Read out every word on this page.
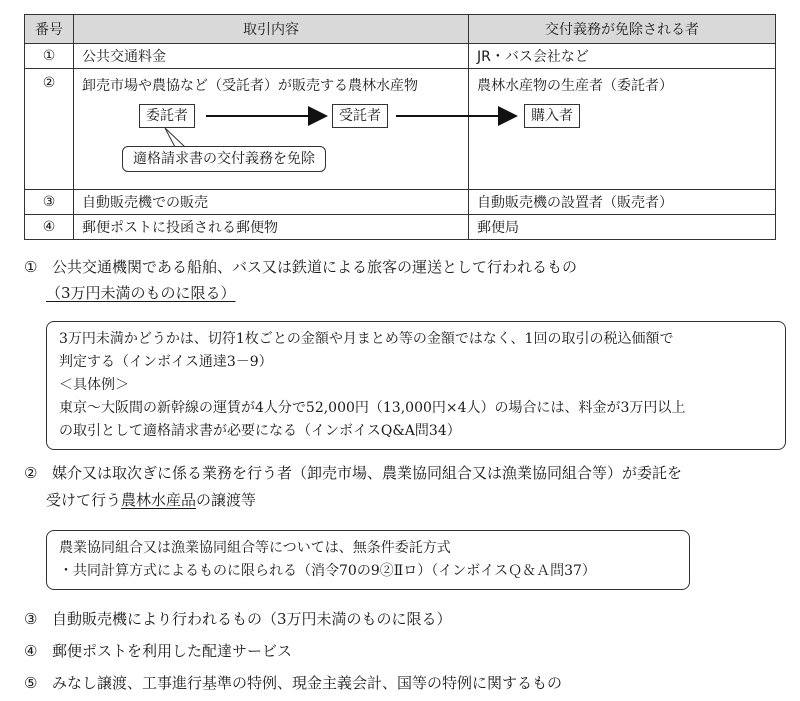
番号	取引内容	交付義務が免除される者
①	公共交通料金	JR・バス会社など
②	卸売市場や農協など（受託者）が販売する農林水産物	農林水産物の生産者（委託者）
③	自動販売機での販売	自動販売機の設置者（販売者）
④	郵便ポストに投函される郵便物	郵便局
委託者	受託者	購入者
適格請求書の交付義務を免除
① 公共交通機関である船舶、バス又は鉄道による旅客の運送として行われるもの
（3万円未満のものに限る）
3万円未満かどうかは、切符1枚ごとの金額や月まとめ等の金額ではなく、1回の取引の税込価額で
判定する（インボイス通達3－9）
＜具体例＞
東京～大阪間の新幹線の運賃が4人分で52,000円（13,000円×4人）の場合には、料金が3万円以上
の取引として適格請求書が必要になる（インボイスQ&A問34）
② 媒介又は取次ぎに係る業務を行う者（卸売市場、農業協同組合又は漁業協同組合等）が委託を
受けて行う農林水産品の譲渡等
農業協同組合又は漁業協同組合等については、無条件委託方式
・共同計算方式によるものに限られる（消令70の9②Ⅱロ）（インボイスＱ＆Ａ問37）
③ 自動販売機により行われるもの（3万円未満のものに限る）
④ 郵便ポストを利用した配達サービス
⑤ みなし譲渡、工事進行基準の特例、現金主義会計、国等の特例に関するもの
